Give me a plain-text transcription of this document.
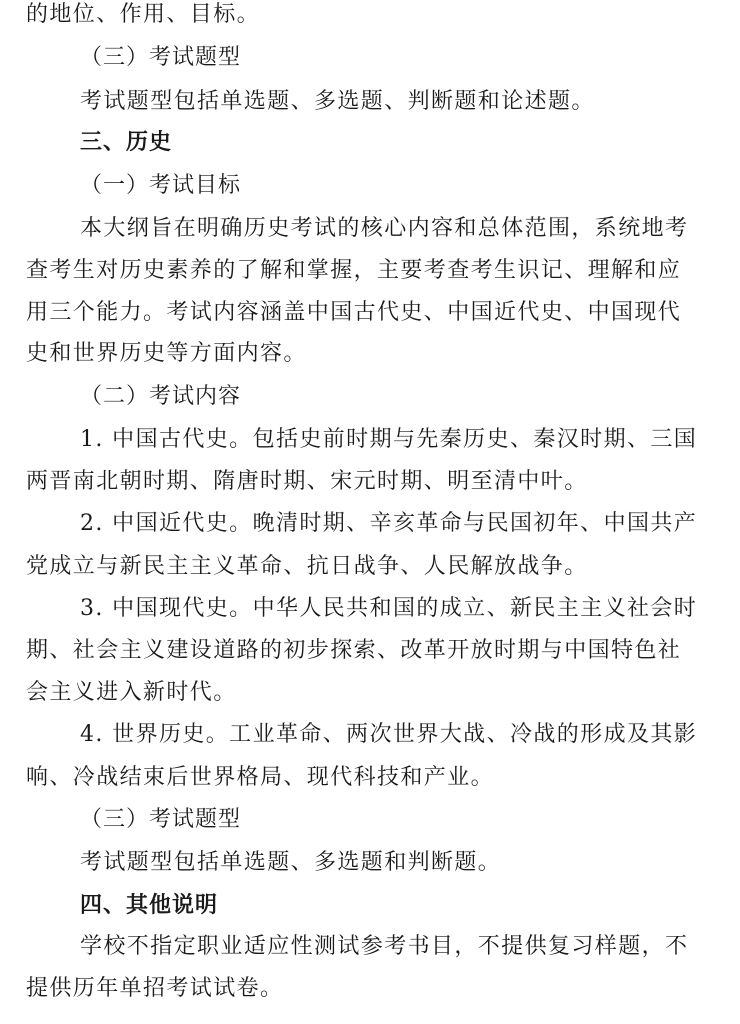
的地位、作用、目标。
（三）考试题型
考试题型包括单选题、多选题、判断题和论述题。
三、历史
（一）考试目标
本大纲旨在明确历史考试的核心内容和总体范围，系统地考
查考生对历史素养的了解和掌握，主要考查考生识记、理解和应
用三个能力。考试内容涵盖中国古代史、中国近代史、中国现代
史和世界历史等方面内容。
（二）考试内容
1. 中国古代史。包括史前时期与先秦历史、秦汉时期、三国
两晋南北朝时期、隋唐时期、宋元时期、明至清中叶。
2. 中国近代史。晚清时期、辛亥革命与民国初年、中国共产
党成立与新民主主义革命、抗日战争、人民解放战争。
3. 中国现代史。中华人民共和国的成立、新民主主义社会时
期、社会主义建设道路的初步探索、改革开放时期与中国特色社
会主义进入新时代。
4. 世界历史。工业革命、两次世界大战、冷战的形成及其影
响、冷战结束后世界格局、现代科技和产业。
（三）考试题型
考试题型包括单选题、多选题和判断题。
四、其他说明
学校不指定职业适应性测试参考书目，不提供复习样题，不
提供历年单招考试试卷。
